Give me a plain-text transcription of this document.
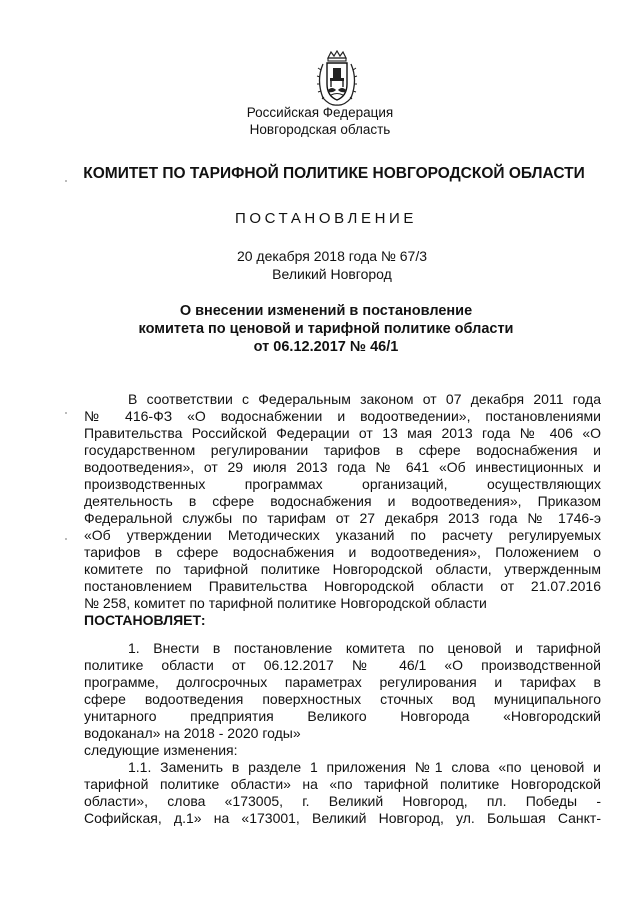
Российская Федерация
Новгородская область
КОМИТЕТ ПО ТАРИФНОЙ ПОЛИТИКЕ НОВГОРОДСКОЙ ОБЛАСТИ
ПОСТАНОВЛЕНИЕ
20 декабря 2018 года № 67/3
Великий Новгород
О внесении изменений в постановление
комитета по ценовой и тарифной политике области
от 06.12.2017 № 46/1
В соответствии с Федеральным законом от 07 декабря 2011 года
№ 416-ФЗ «О водоснабжении и водоотведении», постановлениями
Правительства Российской Федерации от 13 мая 2013 года № 406 «О
государственном регулировании тарифов в сфере водоснабжения и
водоотведения», от 29 июля 2013 года № 641 «Об инвестиционных и
производственных программах организаций, осуществляющих
деятельность в сфере водоснабжения и водоотведения», Приказом
Федеральной службы по тарифам от 27 декабря 2013 года № 1746-э
«Об утверждении Методических указаний по расчету регулируемых
тарифов в сфере водоснабжения и водоотведения», Положением о
комитете по тарифной политике Новгородской области, утвержденным
постановлением Правительства Новгородской области от 21.07.2016
№ 258, комитет по тарифной политике Новгородской области
ПОСТАНОВЛЯЕТ:
1. Внести в постановление комитета по ценовой и тарифной
политике области от 06.12.2017 № 46/1 «О производственной
программе, долгосрочных параметрах регулирования и тарифах в
сфере водоотведения поверхностных сточных вод муниципального
унитарного предприятия Великого Новгорода «Новгородский
водоканал» на 2018 - 2020 годы»
следующие изменения:
1.1. Заменить в разделе 1 приложения №1 слова «по ценовой и
тарифной политике области» на «по тарифной политике Новгородской
области», слова «173005, г. Великий Новгород, пл. Победы -
Софийская, д.1» на «173001, Великий Новгород, ул. Большая Санкт-
